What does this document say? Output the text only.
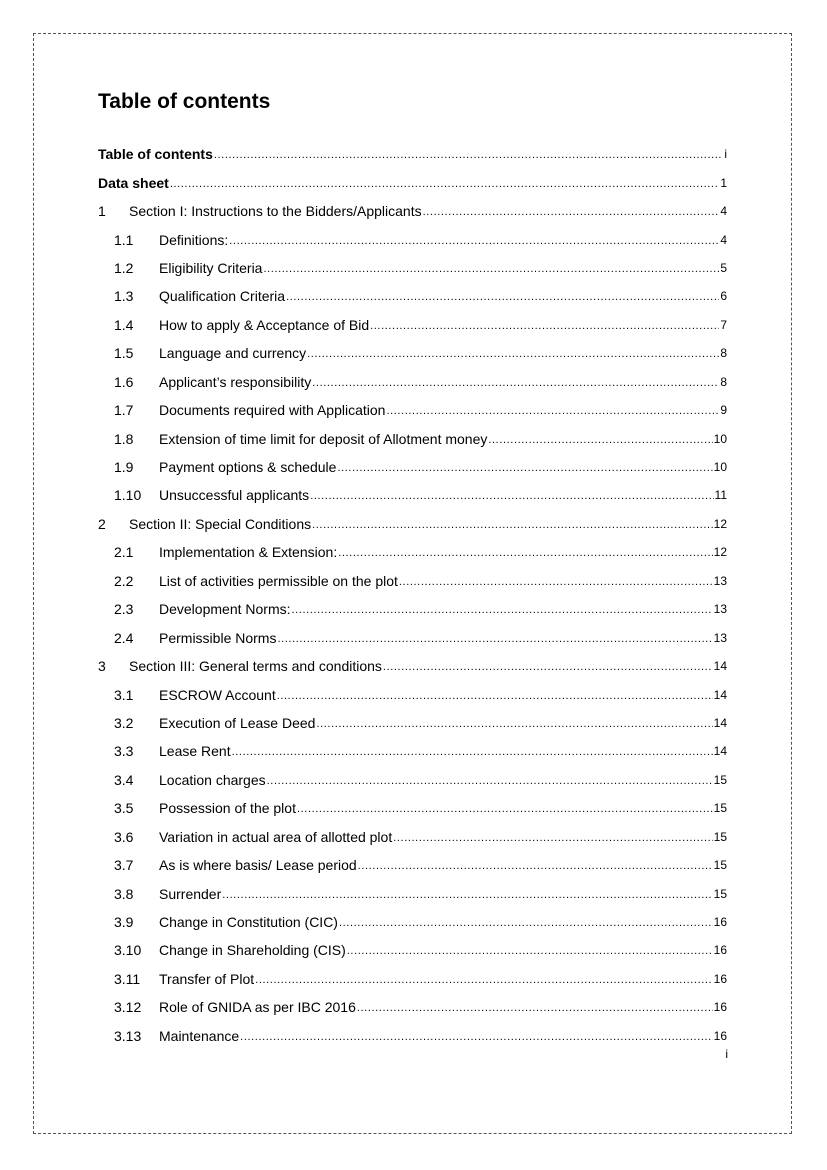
Table of contents
Table of contents .....	i
Data sheet .....	1
1	Section I: Instructions to the Bidders/Applicants .....	4
1.1	Definitions: .....	4
1.2	Eligibility Criteria .....	5
1.3	Qualification Criteria .....	6
1.4	How to apply & Acceptance of Bid .....	7
1.5	Language and currency .....	8
1.6	Applicant’s responsibility .....	8
1.7	Documents required with Application .....	9
1.8	Extension of time limit for deposit of Allotment money .....	10
1.9	Payment options & schedule .....	10
1.10	Unsuccessful applicants .....	11
2	Section II: Special Conditions .....	12
2.1	Implementation & Extension: .....	12
2.2	List of activities permissible on the plot .....	13
2.3	Development Norms: .....	13
2.4	Permissible Norms .....	13
3	Section III: General terms and conditions .....	14
3.1	ESCROW Account .....	14
3.2	Execution of Lease Deed .....	14
3.3	Lease Rent .....	14
3.4	Location charges .....	15
3.5	Possession of the plot .....	15
3.6	Variation in actual area of allotted plot .....	15
3.7	As is where basis/ Lease period .....	15
3.8	Surrender .....	15
3.9	Change in Constitution (CIC) .....	16
3.10	Change in Shareholding (CIS) .....	16
3.11	Transfer of Plot .....	16
3.12	Role of GNIDA as per IBC 2016 .....	16
3.13	Maintenance .....	16
i
